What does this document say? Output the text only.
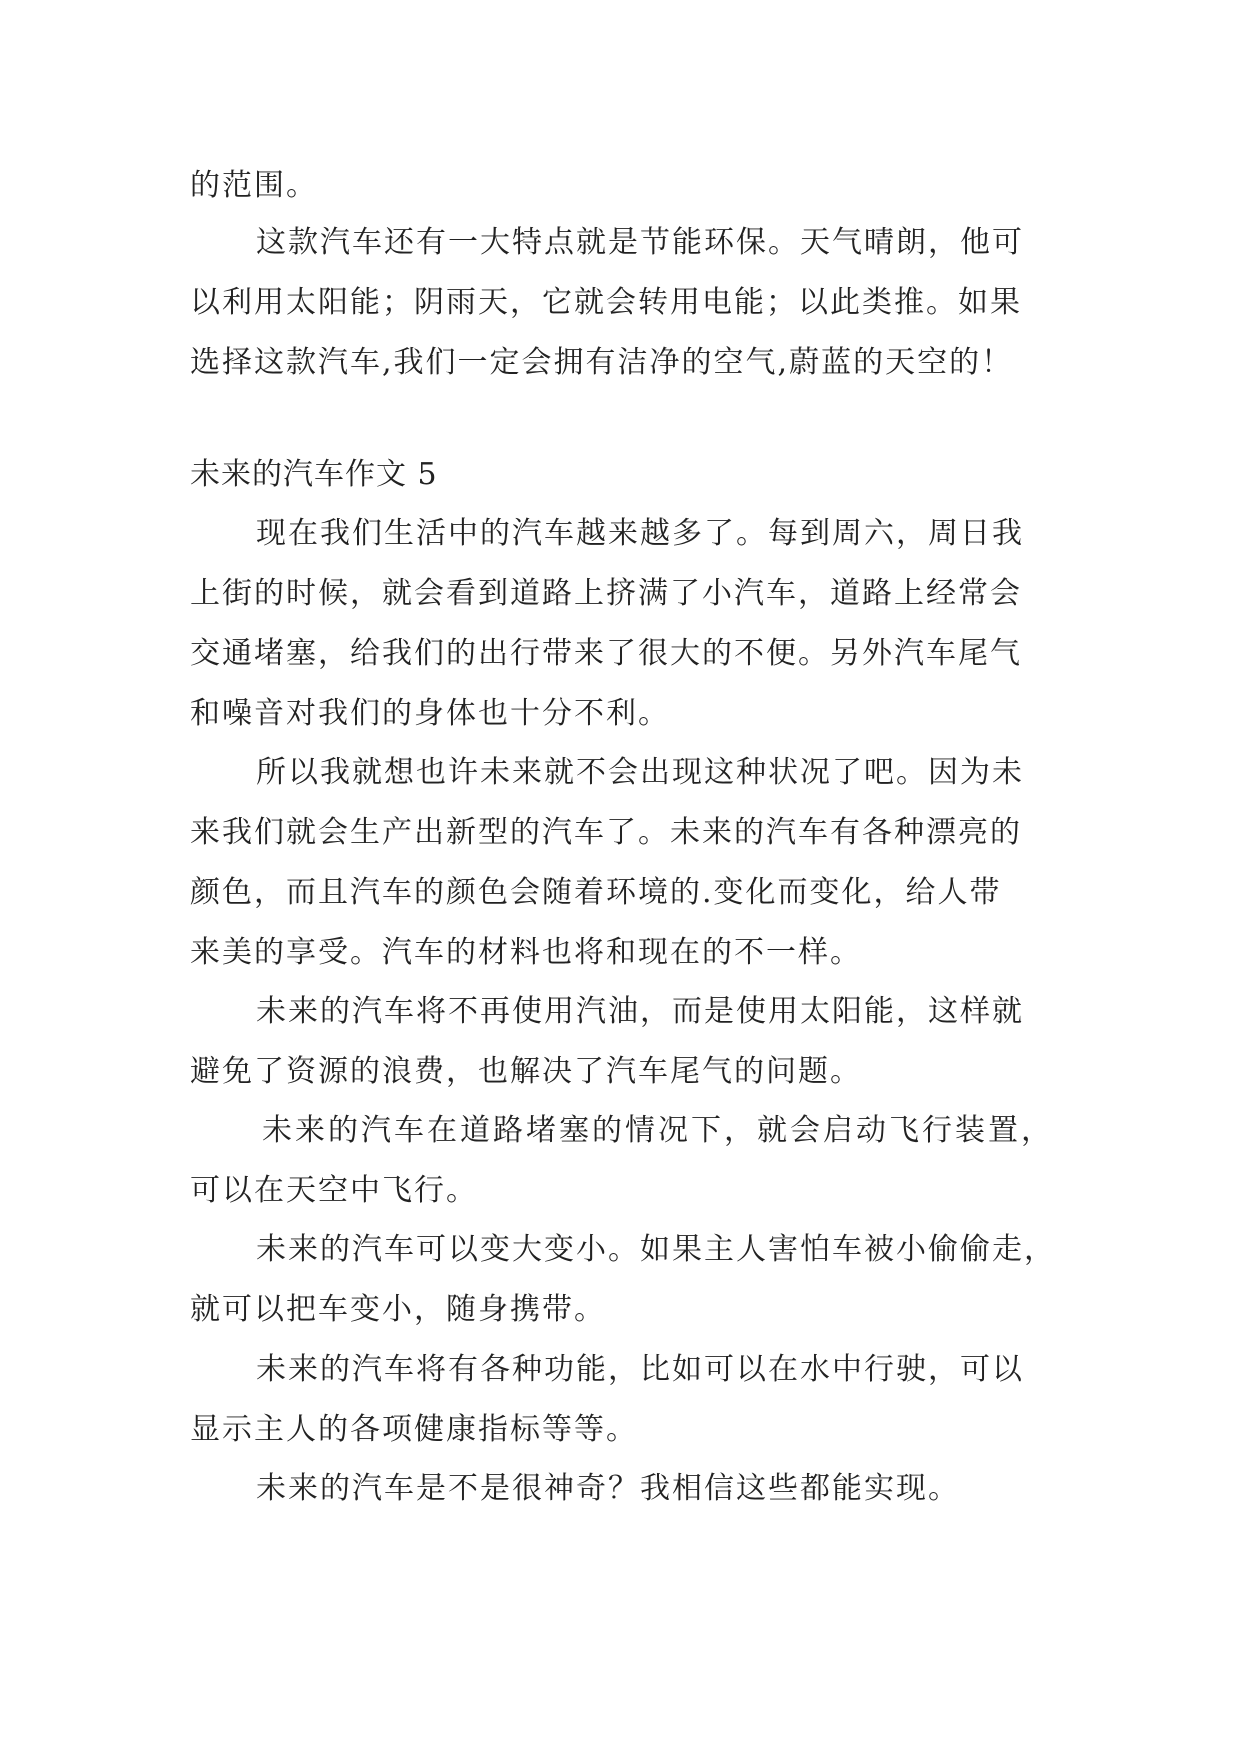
的范围。
这款汽车还有一大特点就是节能环保。天气晴朗，他可
以利用太阳能；阴雨天，它就会转用电能；以此类推。如果
选择这款汽车,我们一定会拥有洁净的空气,蔚蓝的天空的！
未来的汽车作文 5
现在我们生活中的汽车越来越多了。每到周六，周日我
上街的时候，就会看到道路上挤满了小汽车，道路上经常会
交通堵塞，给我们的出行带来了很大的不便。另外汽车尾气
和噪音对我们的身体也十分不利。
所以我就想也许未来就不会出现这种状况了吧。因为未
来我们就会生产出新型的汽车了。未来的汽车有各种漂亮的
颜色，而且汽车的颜色会随着环境的.变化而变化，给人带
来美的享受。汽车的材料也将和现在的不一样。
未来的汽车将不再使用汽油，而是使用太阳能，这样就
避免了资源的浪费，也解决了汽车尾气的问题。
未来的汽车在道路堵塞的情况下，就会启动飞行装置，
可以在天空中飞行。
未来的汽车可以变大变小。如果主人害怕车被小偷偷走，
就可以把车变小，随身携带。
未来的汽车将有各种功能，比如可以在水中行驶，可以
显示主人的各项健康指标等等。
未来的汽车是不是很神奇？我相信这些都能实现。
